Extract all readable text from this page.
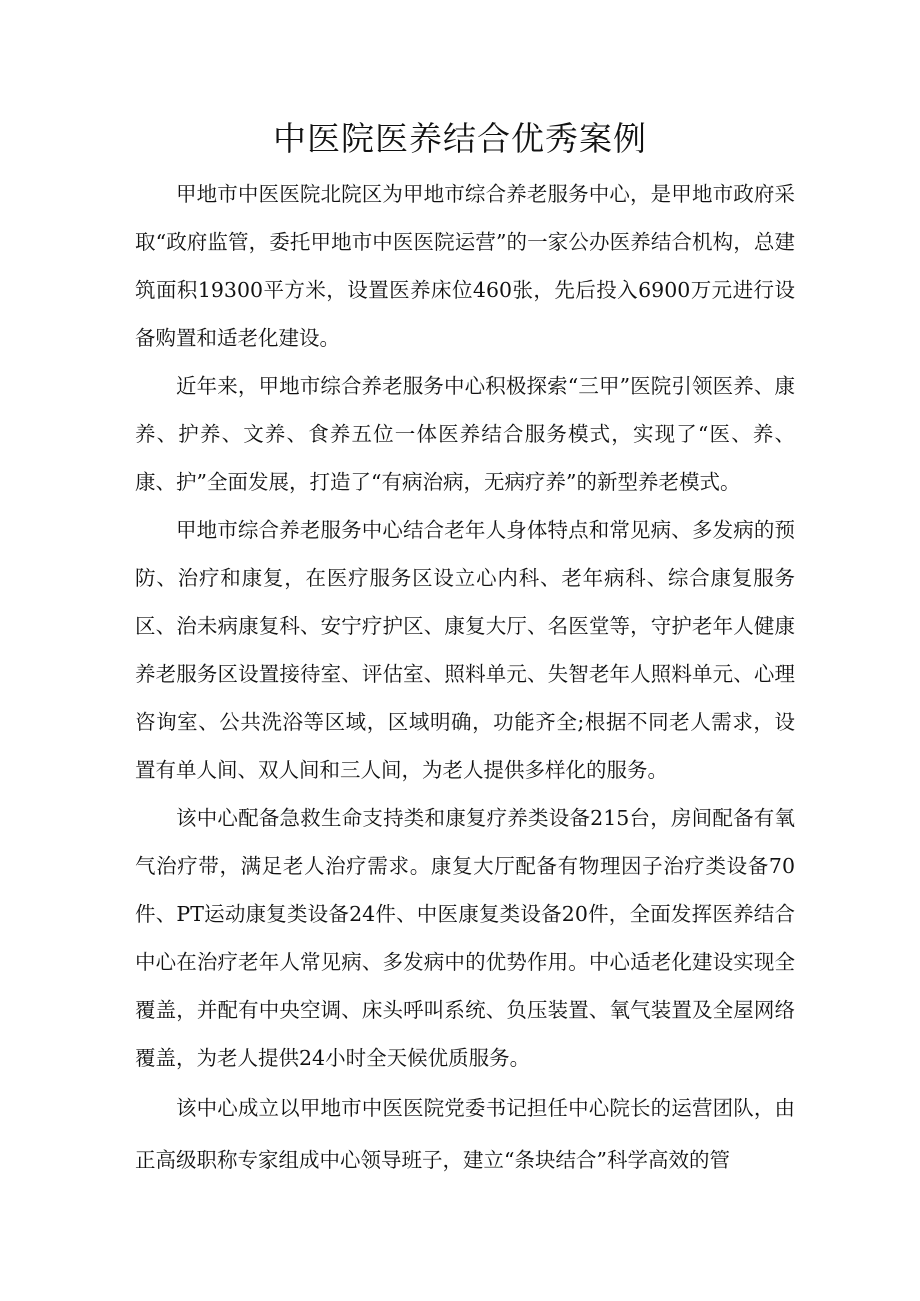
中医院医养结合优秀案例

甲地市中医医院北院区为甲地市综合养老服务中心，是甲地市政府采取“政府监管，委托甲地市中医医院运营”的一家公办医养结合机构，总建筑面积19300平方米，设置医养床位460张，先后投入6900万元进行设备购置和适老化建设。

近年来，甲地市综合养老服务中心积极探索“三甲”医院引领医养、康养、护养、文养、食养五位一体医养结合服务模式，实现了“医、养、康、护”全面发展，打造了“有病治病，无病疗养”的新型养老模式。

甲地市综合养老服务中心结合老年人身体特点和常见病、多发病的预防、治疗和康复，在医疗服务区设立心内科、老年病科、综合康复服务区、治未病康复科、安宁疗护区、康复大厅、名医堂等，守护老年人健康养老服务区设置接待室、评估室、照料单元、失智老年人照料单元、心理咨询室、公共洗浴等区域，区域明确，功能齐全;根据不同老人需求，设置有单人间、双人间和三人间，为老人提供多样化的服务。

该中心配备急救生命支持类和康复疗养类设备215台，房间配备有氧气治疗带，满足老人治疗需求。康复大厅配备有物理因子治疗类设备70件、PT运动康复类设备24件、中医康复类设备20件，全面发挥医养结合中心在治疗老年人常见病、多发病中的优势作用。中心适老化建设实现全覆盖，并配有中央空调、床头呼叫系统、负压装置、氧气装置及全屋网络覆盖，为老人提供24小时全天候优质服务。

该中心成立以甲地市中医医院党委书记担任中心院长的运营团队，由正高级职称专家组成中心领导班子，建立“条块结合”科学高效的管
